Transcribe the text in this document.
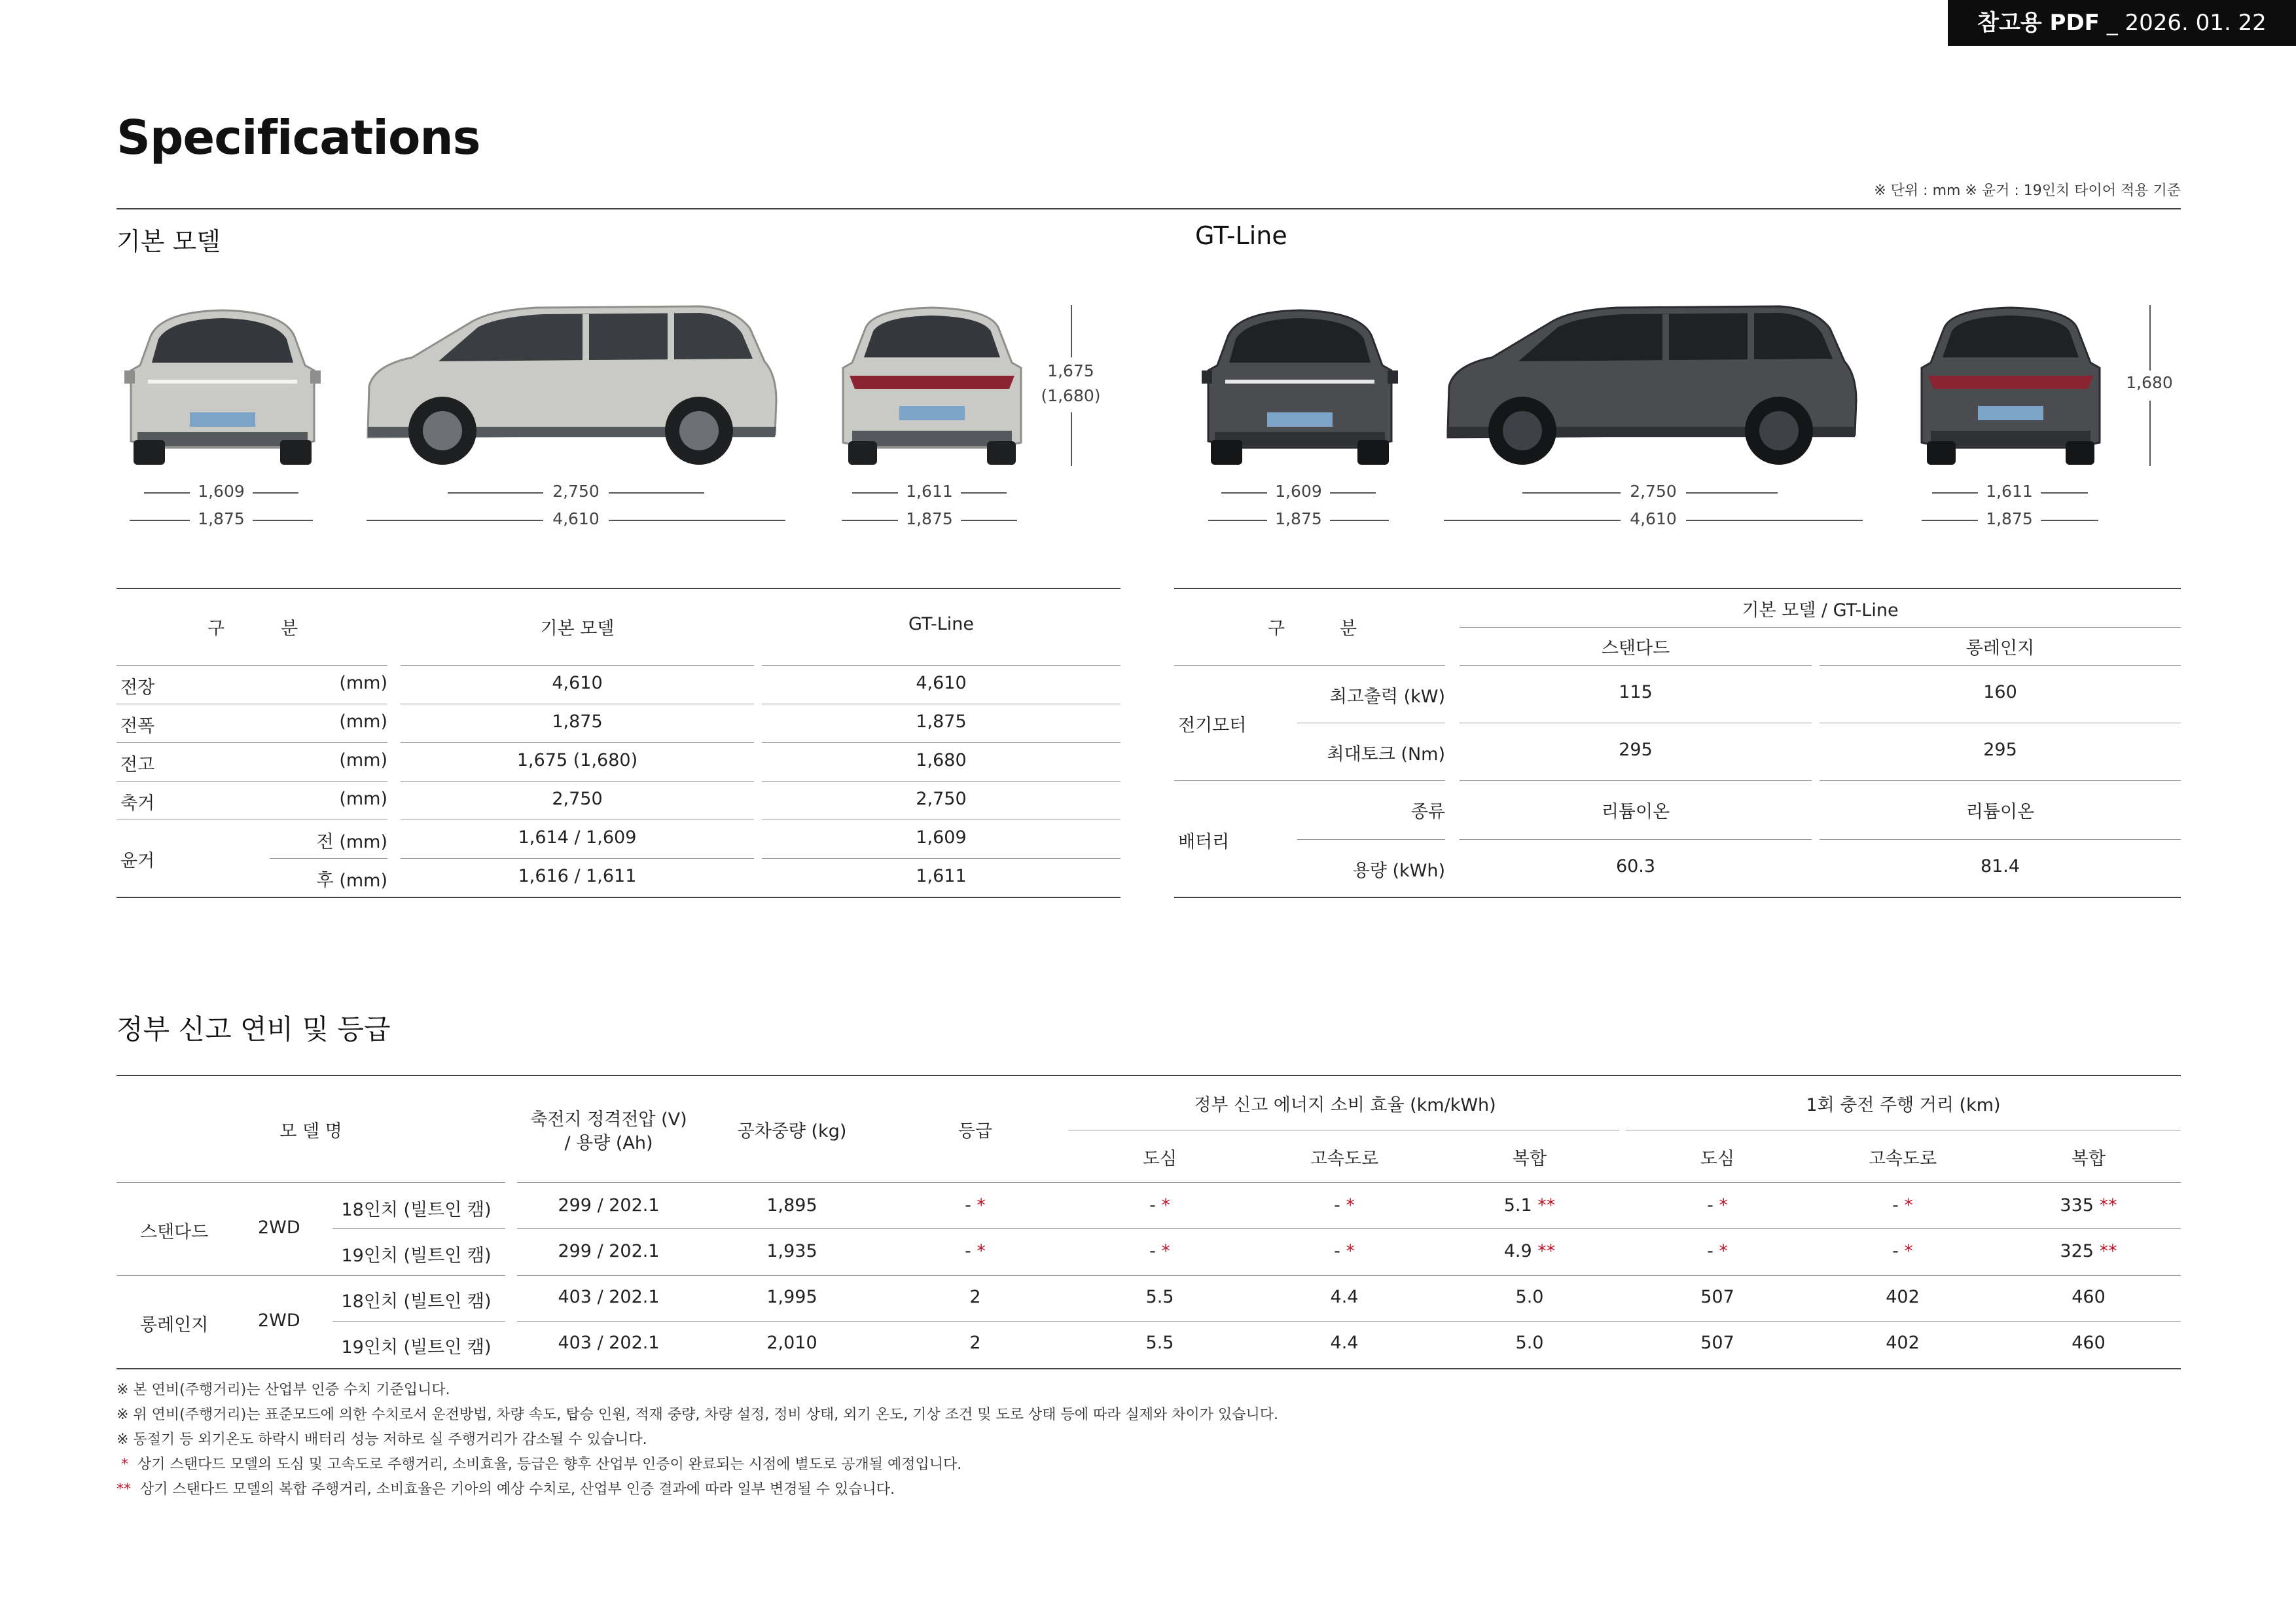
참고용 PDF _ 2026. 01. 22
Specifications
※ 단위 : mm ※ 윤거 : 19인치 타이어 적용 기준
기본 모델	GT-Line
1,609
1,875
2,750
4,610
1,611
1,875
1,675
(1,680)
1,609
1,875
2,750
4,610
1,611
1,875
1,680
구	분	기본 모델	GT-Line
전장	(mm)	4,610	4,610
전폭	(mm)	1,875	1,875
전고	(mm)	1,675 (1,680)	1,680
축거	(mm)	2,750	2,750
윤거
전 (mm)	1,614 / 1,609	1,609
후 (mm)	1,616 / 1,611	1,611
구	분
기본 모델 / GT-Line
스탠다드	롱레인지
전기모터
최고출력 (kW)	115	160
최대토크 (Nm)	295	295
배터리
종류	리튬이온	리튬이온
용량 (kWh)	60.3	81.4
정부 신고 연비 및 등급
모 델 명
축전지 정격전압 (V)
/ 용량 (Ah)
공차중량 (kg)	등급
정부 신고 에너지 소비 효율 (km/kWh)	1회 충전 주행 거리 (km)
도심	고속도로	복합	도심	고속도로	복합
스탠다드	2WD
18인치 (빌트인 캠)	299 / 202.1	1,895	- *	- *	- *	5.1 **	- *	- *	335 **
19인치 (빌트인 캠)	299 / 202.1	1,935	- *	- *	- *	4.9 **	- *	- *	325 **
롱레인지	2WD
18인치 (빌트인 캠)	403 / 202.1	1,995	2	5.5	4.4	5.0	507	402	460
19인치 (빌트인 캠)	403 / 202.1	2,010	2	5.5	4.4	5.0	507	402	460
※ 본 연비(주행거리)는 산업부 인증 수치 기준입니다.
※ 위 연비(주행거리)는 표준모드에 의한 수치로서 운전방법, 차량 속도, 탑승 인원, 적재 중량, 차량 설정, 정비 상태, 외기 온도, 기상 조건 및 도로 상태 등에 따라 실제와 차이가 있습니다.
※ 동절기 등 외기온도 하락시 배터리 성능 저하로 실 주행거리가 감소될 수 있습니다.
* 상기 스탠다드 모델의 도심 및 고속도로 주행거리, 소비효율, 등급은 향후 산업부 인증이 완료되는 시점에 별도로 공개될 예정입니다.
** 상기 스탠다드 모델의 복합 주행거리, 소비효율은 기아의 예상 수치로, 산업부 인증 결과에 따라 일부 변경될 수 있습니다.
